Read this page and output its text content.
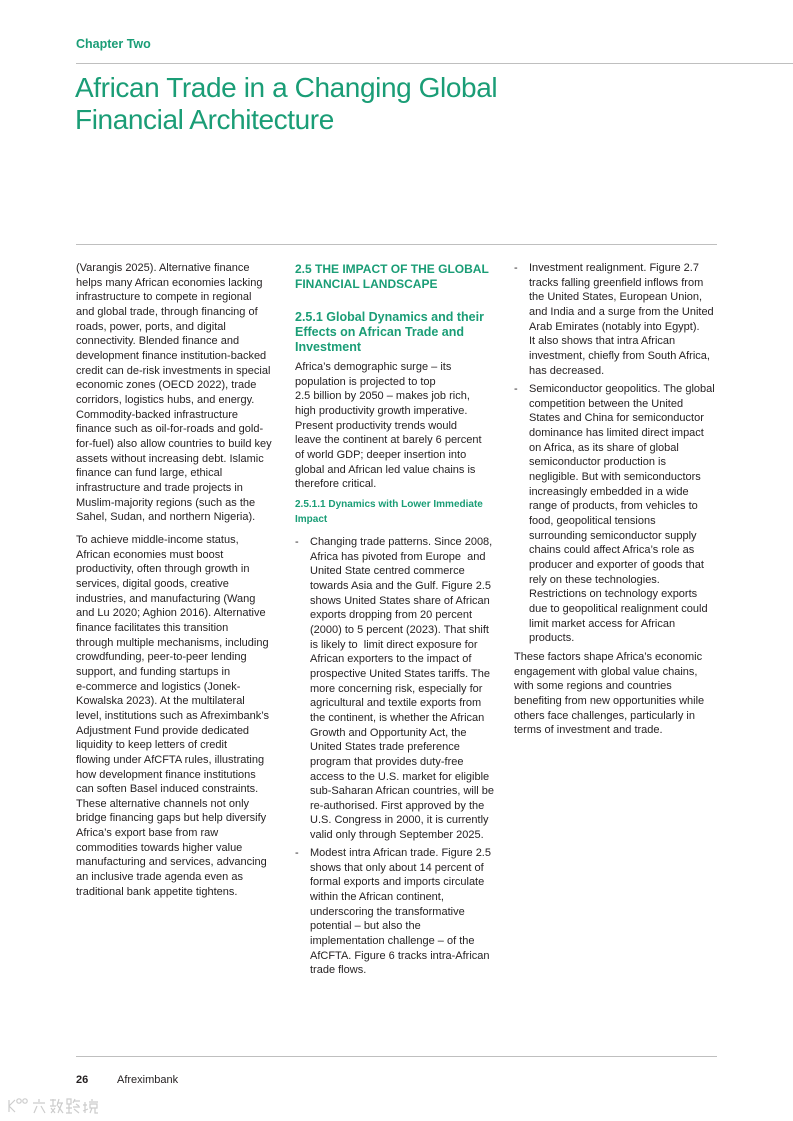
Chapter Two
African Trade in a Changing Global
Financial Architecture
(Varangis 2025). Alternative finance
helps many African economies lacking
infrastructure to compete in regional
and global trade, through financing of
roads, power, ports, and digital
connectivity. Blended finance and
development finance institution-backed
credit can de-risk investments in special
economic zones (OECD 2022), trade
corridors, logistics hubs, and energy.
Commodity-backed infrastructure
finance such as oil-for-roads and gold-
for-fuel) also allow countries to build key
assets without increasing debt. Islamic
finance can fund large, ethical
infrastructure and trade projects in
Muslim-majority regions (such as the
Sahel, Sudan, and northern Nigeria).
To achieve middle-income status,
African economies must boost
productivity, often through growth in
services, digital goods, creative
industries, and manufacturing (Wang
and Lu 2020; Aghion 2016). Alternative
finance facilitates this transition
through multiple mechanisms, including
crowdfunding, peer-to-peer lending
support, and funding startups in
e-commerce and logistics (Jonek-
Kowalska 2023). At the multilateral
level, institutions such as Afreximbank’s
Adjustment Fund provide dedicated
liquidity to keep letters of credit
flowing under AfCFTA rules, illustrating
how development finance institutions
can soften Basel induced constraints.
These alternative channels not only
bridge financing gaps but help diversify
Africa’s export base from raw
commodities towards higher value
manufacturing and services, advancing
an inclusive trade agenda even as
traditional bank appetite tightens.
2.5 THE IMPACT OF THE GLOBAL
FINANCIAL LANDSCAPE
2.5.1 Global Dynamics and their
Effects on African Trade and
Investment
Africa’s demographic surge – its
population is projected to top
2.5 billion by 2050 – makes job rich,
high productivity growth imperative.
Present productivity trends would
leave the continent at barely 6 percent
of world GDP; deeper insertion into
global and African led value chains is
therefore critical.
2.5.1.1 Dynamics with Lower Immediate
Impact
- Changing trade patterns. Since 2008,
Africa has pivoted from Europe  and
United State centred commerce
towards Asia and the Gulf. Figure 2.5
shows United States share of African
exports dropping from 20 percent
(2000) to 5 percent (2023). That shift
is likely to  limit direct exposure for
African exporters to the impact of
prospective United States tariffs. The
more concerning risk, especially for
agricultural and textile exports from
the continent, is whether the African
Growth and Opportunity Act, the
United States trade preference
program that provides duty-free
access to the U.S. market for eligible
sub-Saharan African countries, will be
re-authorised. First approved by the
U.S. Congress in 2000, it is currently
valid only through September 2025.
- Modest intra African trade. Figure 2.5
shows that only about 14 percent of
formal exports and imports circulate
within the African continent,
underscoring the transformative
potential – but also the
implementation challenge – of the
AfCFTA. Figure 6 tracks intra-African
trade flows.
- Investment realignment. Figure 2.7
tracks falling greenfield inflows from
the United States, European Union,
and India and a surge from the United
Arab Emirates (notably into Egypt).
It also shows that intra African
investment, chiefly from South Africa,
has decreased.
- Semiconductor geopolitics. The global
competition between the United
States and China for semiconductor
dominance has limited direct impact
on Africa, as its share of global
semiconductor production is
negligible. But with semiconductors
increasingly embedded in a wide
range of products, from vehicles to
food, geopolitical tensions
surrounding semiconductor supply
chains could affect Africa’s role as
producer and exporter of goods that
rely on these technologies.
Restrictions on technology exports
due to geopolitical realignment could
limit market access for African
products.
These factors shape Africa’s economic
engagement with global value chains,
with some regions and countries
benefiting from new opportunities while
others face challenges, particularly in
terms of investment and trade.
26	Afreximbank
